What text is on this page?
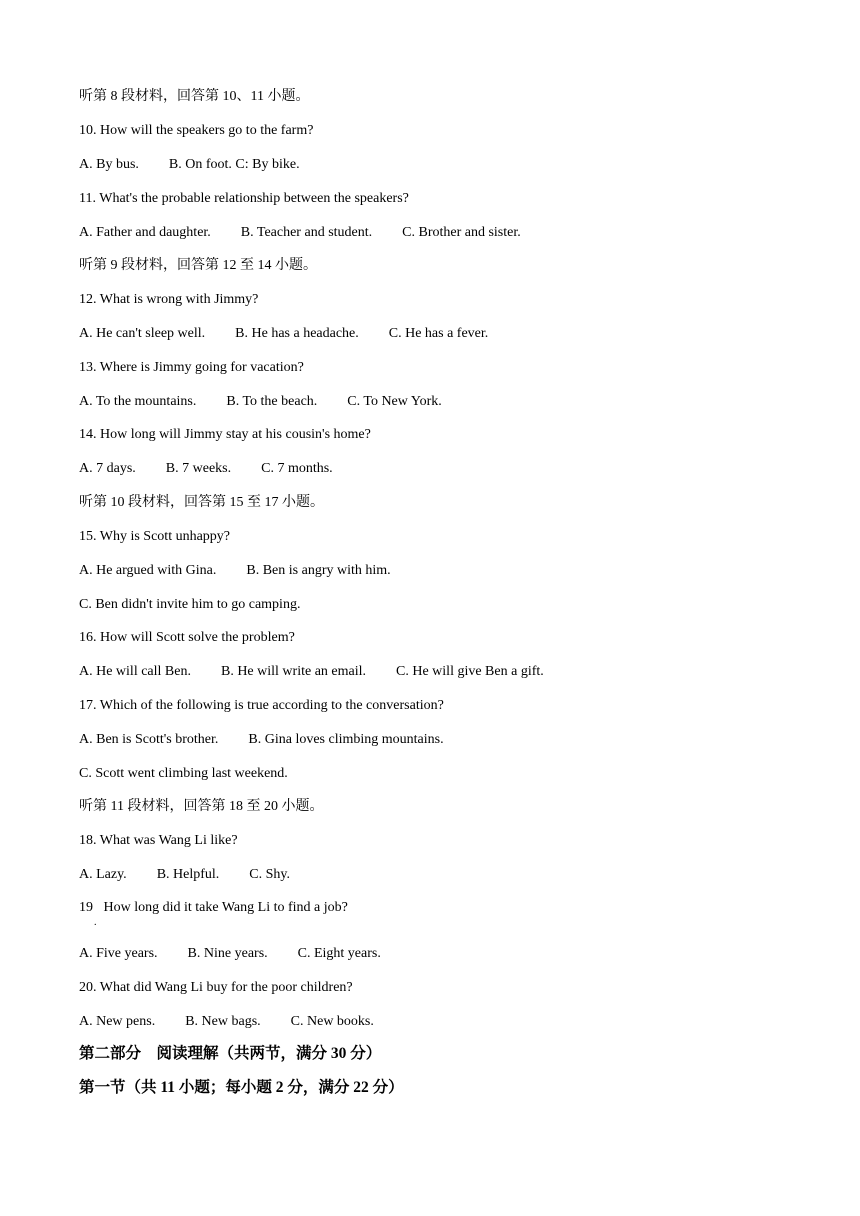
听第 8 段材料，回答第 10、11 小题。
10. How will the speakers go to the farm?
A. By bus. B. On foot. C: By bike.
11. What's the probable relationship between the speakers?
A. Father and daughter. B. Teacher and student. C. Brother and sister.
听第 9 段材料，回答第 12 至 14 小题。
12. What is wrong with Jimmy?
A. He can't sleep well. B. He has a headache. C. He has a fever.
13. Where is Jimmy going for vacation?
A. To the mountains. B. To the beach. C. To New York.
14. How long will Jimmy stay at his cousin's home?
A. 7 days. B. 7 weeks. C. 7 months.
听第 10 段材料，回答第 15 至 17 小题。
15. Why is Scott unhappy?
A. He argued with Gina. B. Ben is angry with him.
C. Ben didn't invite him to go camping.
16. How will Scott solve the problem?
A. He will call Ben. B. He will write an email. C. He will give Ben a gift.
17. Which of the following is true according to the conversation?
A. Ben is Scott's brother. B. Gina loves climbing mountains.
C. Scott went climbing last weekend.
听第 11 段材料，回答第 18 至 20 小题。
18. What was Wang Li like?
A. Lazy. B. Helpful. C. Shy.
19   How long did it take Wang Li to find a job?
.
A. Five years. B. Nine years. C. Eight years.
20. What did Wang Li buy for the poor children?
A. New pens. B. New bags. C. New books.
第二部分　阅读理解（共两节，满分 30 分）
第一节（共 11 小题；每小题 2 分，满分 22 分）
